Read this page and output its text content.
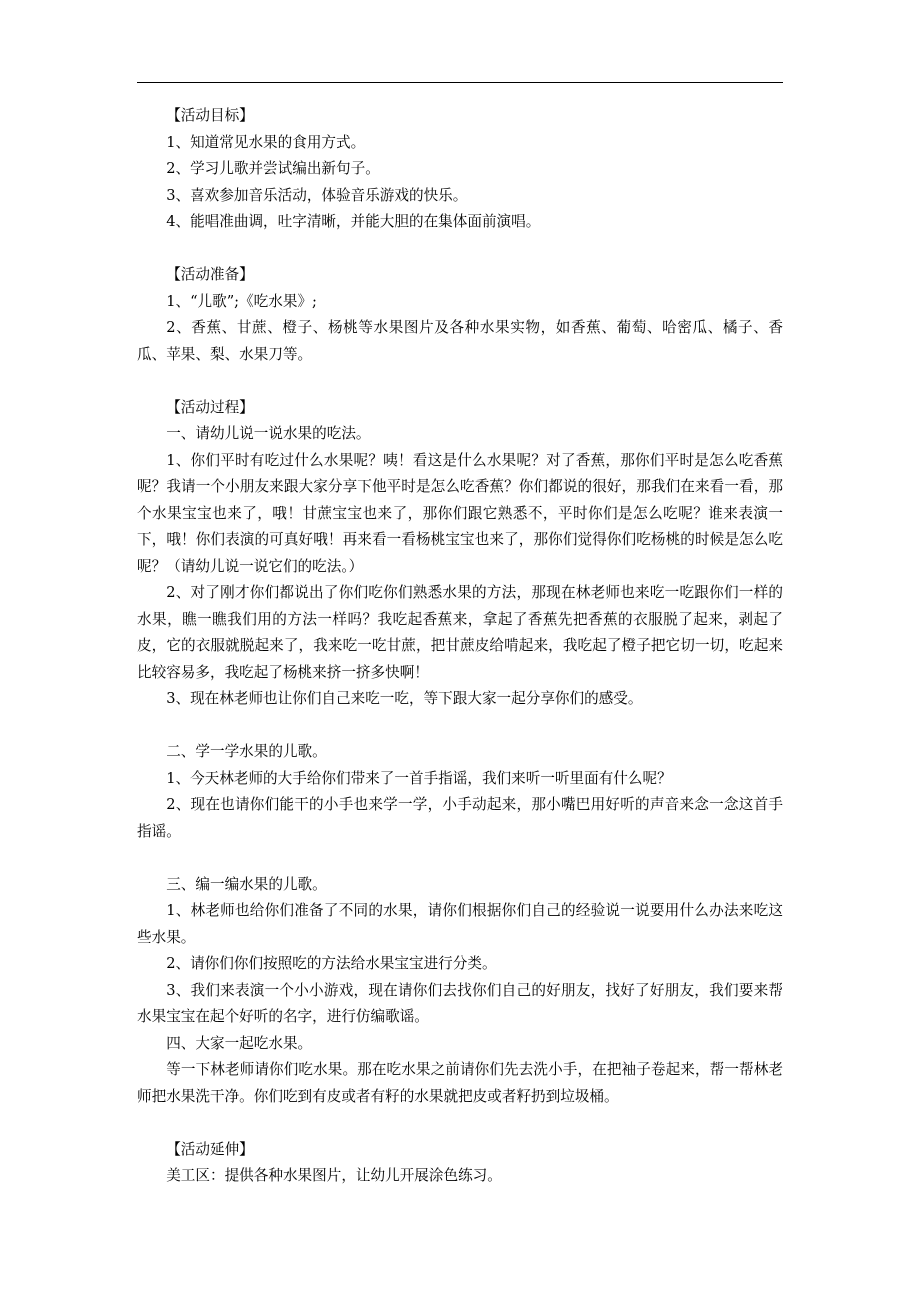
【活动目标】

1、知道常见水果的食用方式。

2、学习儿歌并尝试编出新句子。

3、喜欢参加音乐活动，体验音乐游戏的快乐。

4、能唱准曲调，吐字清晰，并能大胆的在集体面前演唱。

【活动准备】

1、“儿歌”;《吃水果》;

2、香蕉、甘蔗、橙子、杨桃等水果图片及各种水果实物，如香蕉、葡萄、哈密瓜、橘子、香瓜、苹果、梨、水果刀等。

【活动过程】

一、请幼儿说一说水果的吃法。

1、你们平时有吃过什么水果呢？咦！看这是什么水果呢？对了香蕉，那你们平时是怎么吃香蕉呢？我请一个小朋友来跟大家分享下他平时是怎么吃香蕉？你们都说的很好，那我们在来看一看，那个水果宝宝也来了，哦！甘蔗宝宝也来了，那你们跟它熟悉不，平时你们是怎么吃呢？谁来表演一下，哦！你们表演的可真好哦！再来看一看杨桃宝宝也来了，那你们觉得你们吃杨桃的时候是怎么吃呢？（请幼儿说一说它们的吃法。）

2、对了刚才你们都说出了你们吃你们熟悉水果的方法，那现在林老师也来吃一吃跟你们一样的水果，瞧一瞧我们用的方法一样吗？我吃起香蕉来，拿起了香蕉先把香蕉的衣服脱了起来，剥起了皮，它的衣服就脱起来了，我来吃一吃甘蔗，把甘蔗皮给啃起来，我吃起了橙子把它切一切，吃起来比较容易多，我吃起了杨桃来挤一挤多快啊！

3、现在林老师也让你们自己来吃一吃，等下跟大家一起分享你们的感受。

二、学一学水果的儿歌。

1、今天林老师的大手给你们带来了一首手指谣，我们来听一听里面有什么呢？

2、现在也请你们能干的小手也来学一学，小手动起来，那小嘴巴用好听的声音来念一念这首手指谣。

三、编一编水果的儿歌。

1、林老师也给你们准备了不同的水果，请你们根据你们自己的经验说一说要用什么办法来吃这些水果。

2、请你们你们按照吃的方法给水果宝宝进行分类。

3、我们来表演一个小小游戏，现在请你们去找你们自己的好朋友，找好了好朋友，我们要来帮水果宝宝在起个好听的名字，进行仿编歌谣。

四、大家一起吃水果。

等一下林老师请你们吃水果。那在吃水果之前请你们先去洗小手，在把袖子卷起来，帮一帮林老师把水果洗干净。你们吃到有皮或者有籽的水果就把皮或者籽扔到垃圾桶。

【活动延伸】

美工区：提供各种水果图片，让幼儿开展涂色练习。
